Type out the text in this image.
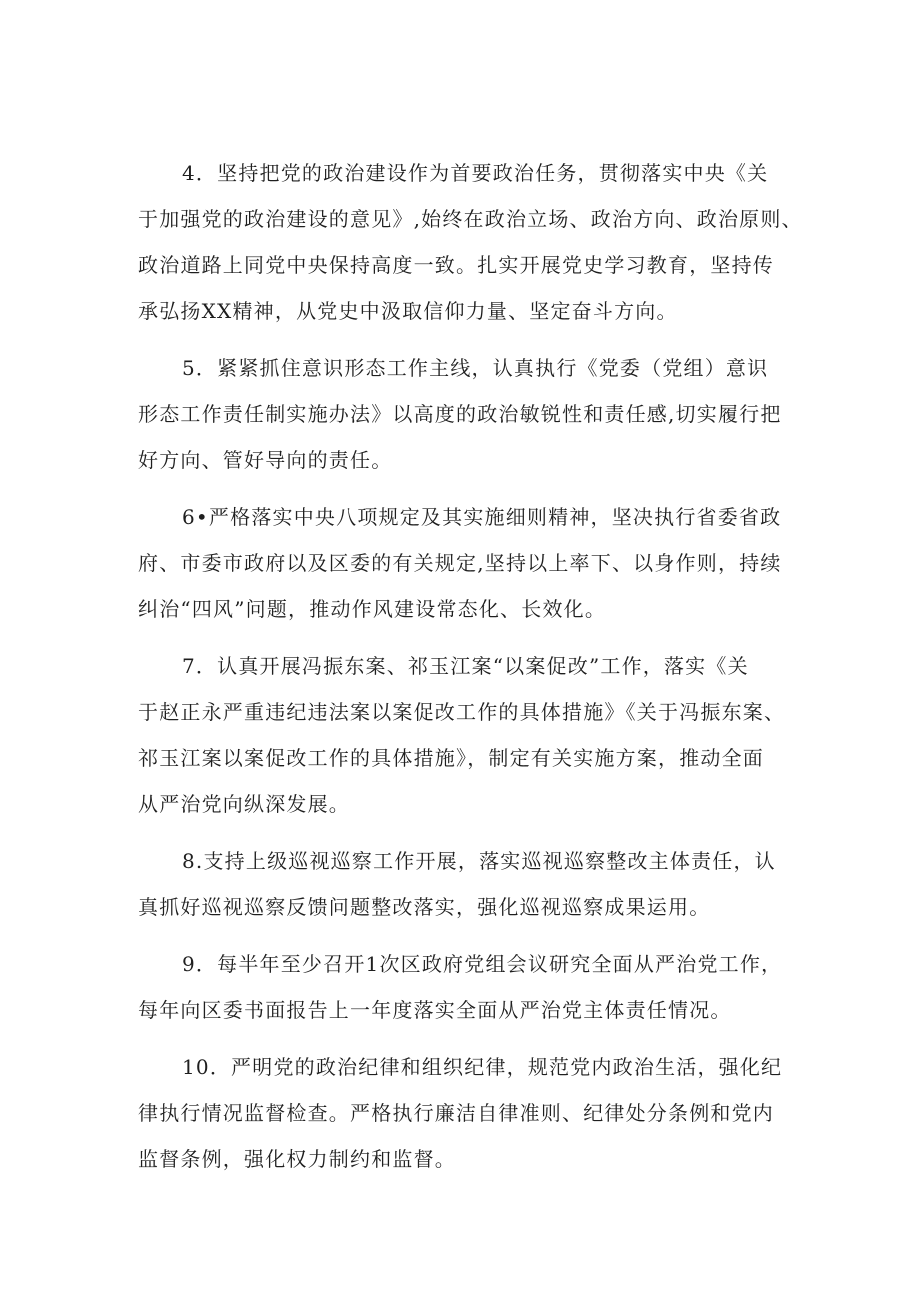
4．坚持把党的政治建设作为首要政治任务，贯彻落实中央《关
于加强党的政治建设的意见》,始终在政治立场、政治方向、政治原则、
政治道路上同党中央保持高度一致。扎实开展党史学习教育，坚持传
承弘扬XX精神，从党史中汲取信仰力量、坚定奋斗方向。

5．紧紧抓住意识形态工作主线，认真执行《党委（党组）意识
形态工作责任制实施办法》以高度的政治敏锐性和责任感,切实履行把
好方向、管好导向的责任。

6•严格落实中央八项规定及其实施细则精神，坚决执行省委省政
府、市委市政府以及区委的有关规定,坚持以上率下、以身作则，持续
纠治“四风”问题，推动作风建设常态化、长效化。

7．认真开展冯振东案、祁玉江案“以案促改”工作，落实《关
于赵正永严重违纪违法案以案促改工作的具体措施》《关于冯振东案、
祁玉江案以案促改工作的具体措施》，制定有关实施方案，推动全面
从严治党向纵深发展。

8.支持上级巡视巡察工作开展，落实巡视巡察整改主体责任，认
真抓好巡视巡察反馈问题整改落实，强化巡视巡察成果运用。

9．每半年至少召开1次区政府党组会议研究全面从严治党工作，
每年向区委书面报告上一年度落实全面从严治党主体责任情况。

10．严明党的政治纪律和组织纪律，规范党内政治生活，强化纪
律执行情况监督检查。严格执行廉洁自律准则、纪律处分条例和党内
监督条例，强化权力制约和监督。
